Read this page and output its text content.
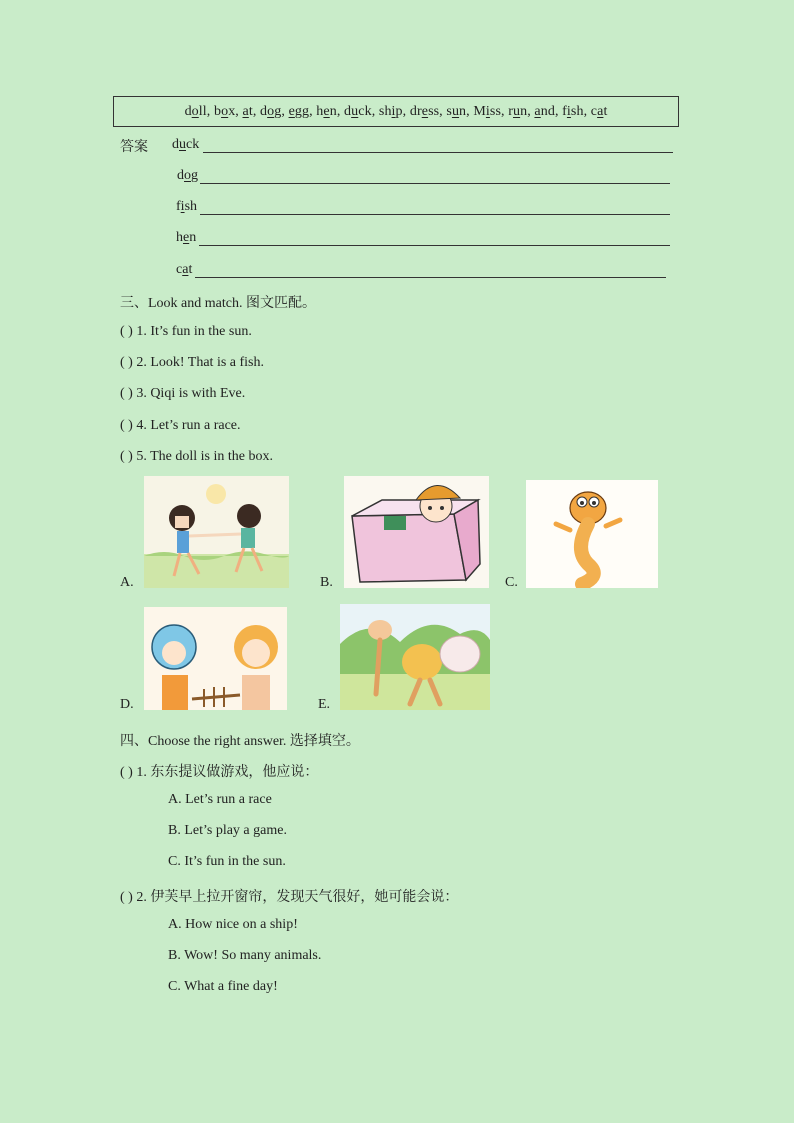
doll , box , at , dog , egg , hen , duck , ship , dress , sun , Miss , run , and , fish , cat
答案 duck
dog
fish
hen
cat
三、Look and match. 图文匹配。
( ) 1. It’s fun in the sun.
( ) 2. Look! That is a fish.
( ) 3. Qiqi is with Eve.
( ) 4. Let’s run a race.
( ) 5. The doll is in the box.
A.	B.	C.
D.	E.
四、Choose the right answer. 选择填空。
( ) 1. 东东提议做游戏，他应说：
A. Let’s run a race
B. Let’s play a game.
C. It’s fun in the sun.
( ) 2. 伊芙早上拉开窗帘，发现天气很好，她可能会说：
A. How nice on a ship!
B. Wow! So many animals.
C. What a fine day!
